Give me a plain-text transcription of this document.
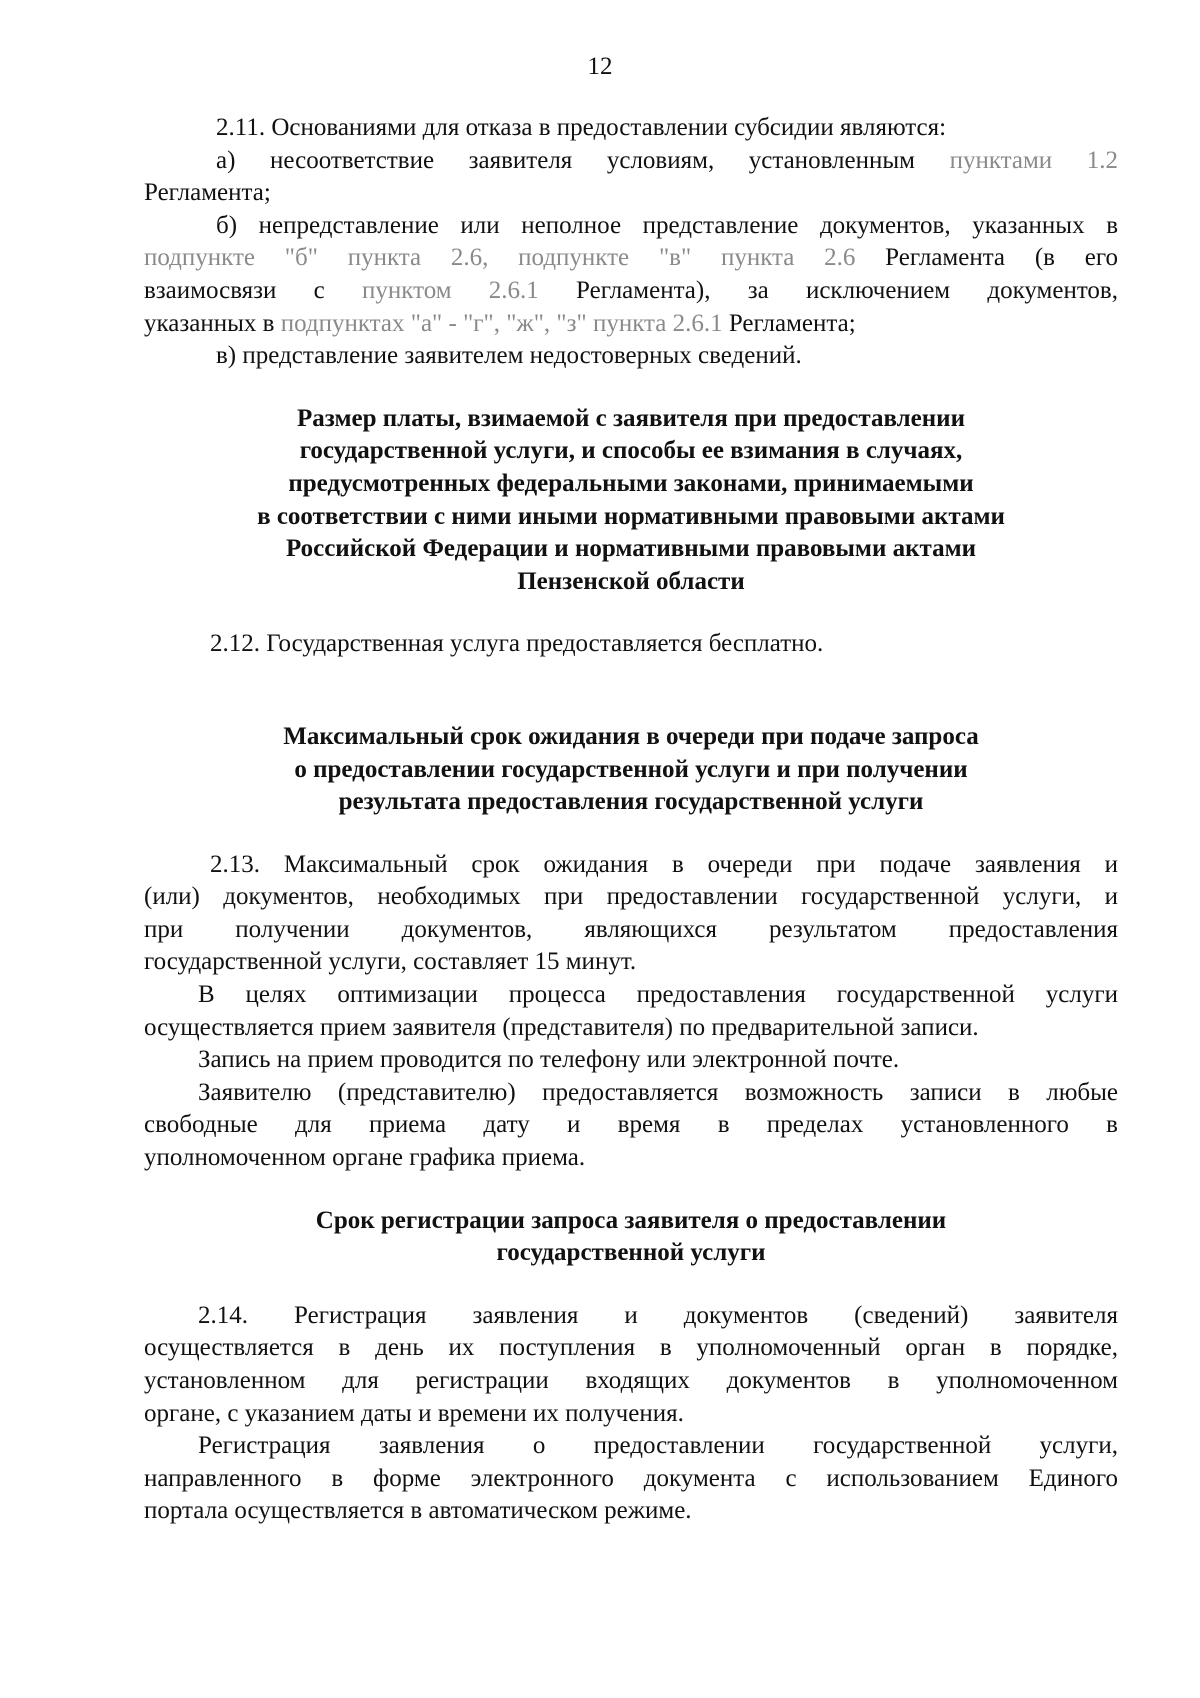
12
2.11. Основаниями для отказа в предоставлении субсидии являются:
а) несоответствие заявителя условиям, установленным пунктами 1.2
Регламента;
б) непредставление или неполное представление документов, указанных в
подпункте "б" пункта 2.6, подпункте "в" пункта 2.6 Регламента (в его
взаимосвязи с пунктом 2.6.1 Регламента), за исключением документов,
указанных в подпунктах "а" - "г", "ж", "з" пункта 2.6.1 Регламента;
в) представление заявителем недостоверных сведений.
Размер платы, взимаемой с заявителя при предоставлении
государственной услуги, и способы ее взимания в случаях,
предусмотренных федеральными законами, принимаемыми
в соответствии с ними иными нормативными правовыми актами
Российской Федерации и нормативными правовыми актами
Пензенской области
2.12. Государственная услуга предоставляется бесплатно.
Максимальный срок ожидания в очереди при подаче запроса
о предоставлении государственной услуги и при получении
результата предоставления государственной услуги
2.13. Максимальный срок ожидания в очереди при подаче заявления и
(или) документов, необходимых при предоставлении государственной услуги, и
при получении документов, являющихся результатом предоставления
государственной услуги, составляет 15 минут.
В целях оптимизации процесса предоставления государственной услуги
осуществляется прием заявителя (представителя) по предварительной записи.
Запись на прием проводится по телефону или электронной почте.
Заявителю (представителю) предоставляется возможность записи в любые
свободные для приема дату и время в пределах установленного в
уполномоченном органе графика приема.
Срок регистрации запроса заявителя о предоставлении
государственной услуги
2.14. Регистрация заявления и документов (сведений) заявителя
осуществляется в день их поступления в уполномоченный орган в порядке,
установленном для регистрации входящих документов в уполномоченном
органе, с указанием даты и времени их получения.
Регистрация заявления о предоставлении государственной услуги,
направленного в форме электронного документа с использованием Единого
портала осуществляется в автоматическом режиме.
